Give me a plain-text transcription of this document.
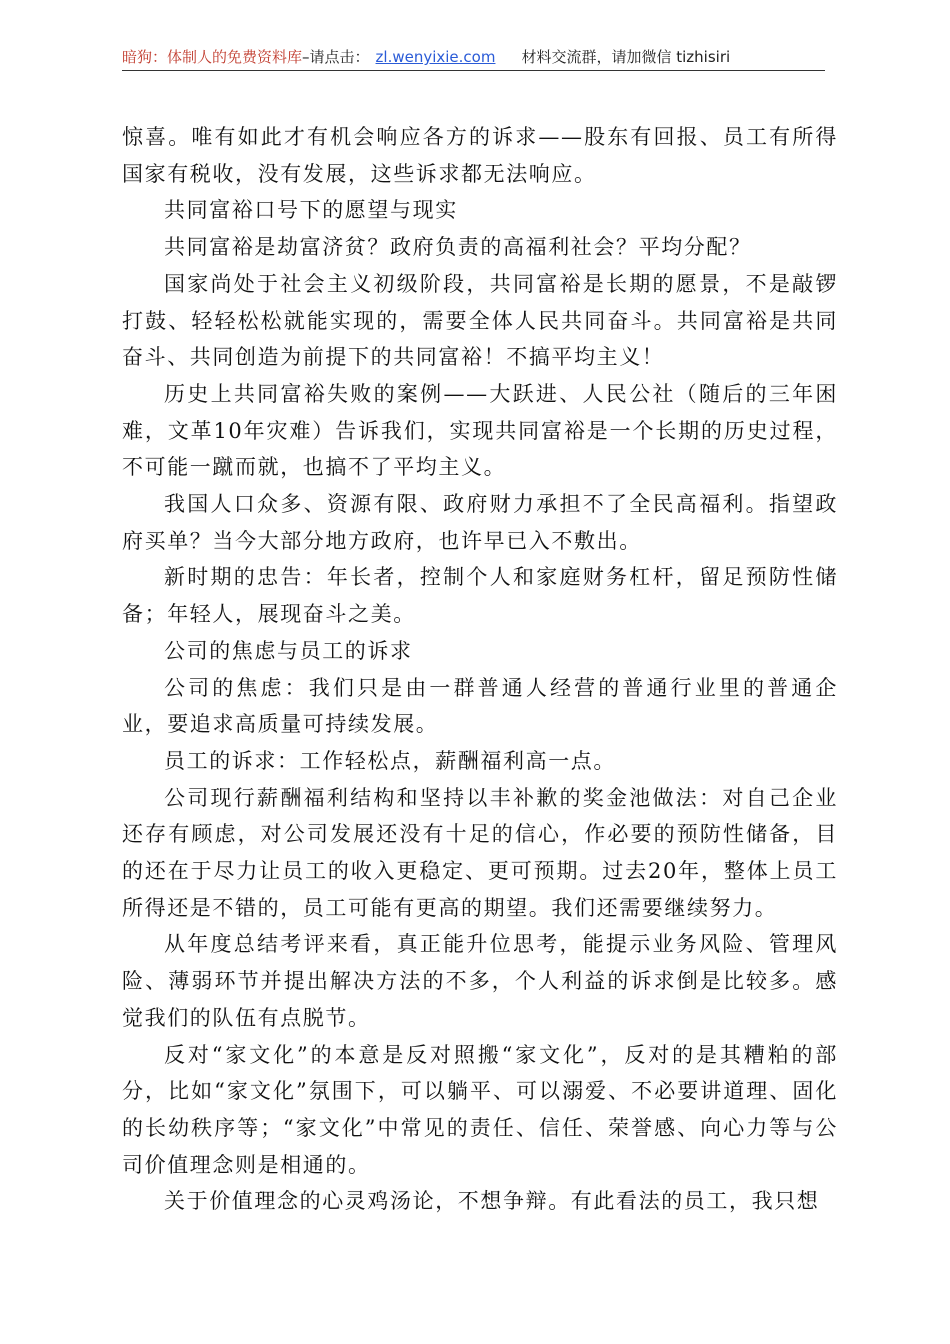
暗狗：体制人的免费资料库–请点击： zl.wenyixie.com 材料交流群，请加微信 tizhisiri

惊喜。唯有如此才有机会响应各方的诉求——股东有回报、员工有所得国家有税收，没有发展，这些诉求都无法响应。

共同富裕口号下的愿望与现实

共同富裕是劫富济贫？政府负责的高福利社会？平均分配？

国家尚处于社会主义初级阶段，共同富裕是长期的愿景，不是敲锣打鼓、轻轻松松就能实现的，需要全体人民共同奋斗。共同富裕是共同奋斗、共同创造为前提下的共同富裕！不搞平均主义！

历史上共同富裕失败的案例——大跃进、人民公社（随后的三年困难，文革10年灾难）告诉我们，实现共同富裕是一个长期的历史过程，不可能一蹴而就，也搞不了平均主义。

我国人口众多、资源有限、政府财力承担不了全民高福利。指望政府买单？当今大部分地方政府，也许早已入不敷出。

新时期的忠告：年长者，控制个人和家庭财务杠杆，留足预防性储备；年轻人，展现奋斗之美。

公司的焦虑与员工的诉求

公司的焦虑：我们只是由一群普通人经营的普通行业里的普通企业，要追求高质量可持续发展。

员工的诉求：工作轻松点，薪酬福利高一点。

公司现行薪酬福利结构和坚持以丰补歉的奖金池做法：对自己企业还存有顾虑，对公司发展还没有十足的信心，作必要的预防性储备，目的还在于尽力让员工的收入更稳定、更可预期。过去20年，整体上员工所得还是不错的，员工可能有更高的期望。我们还需要继续努力。

从年度总结考评来看，真正能升位思考，能提示业务风险、管理风险、薄弱环节并提出解决方法的不多，个人利益的诉求倒是比较多。感觉我们的队伍有点脱节。

反对“家文化”的本意是反对照搬“家文化”，反对的是其糟粕的部分，比如“家文化”氛围下，可以躺平、可以溺爱、不必要讲道理、固化的长幼秩序等；“家文化”中常见的责任、信任、荣誉感、向心力等与公司价值理念则是相通的。

关于价值理念的心灵鸡汤论，不想争辩。有此看法的员工，我只想
